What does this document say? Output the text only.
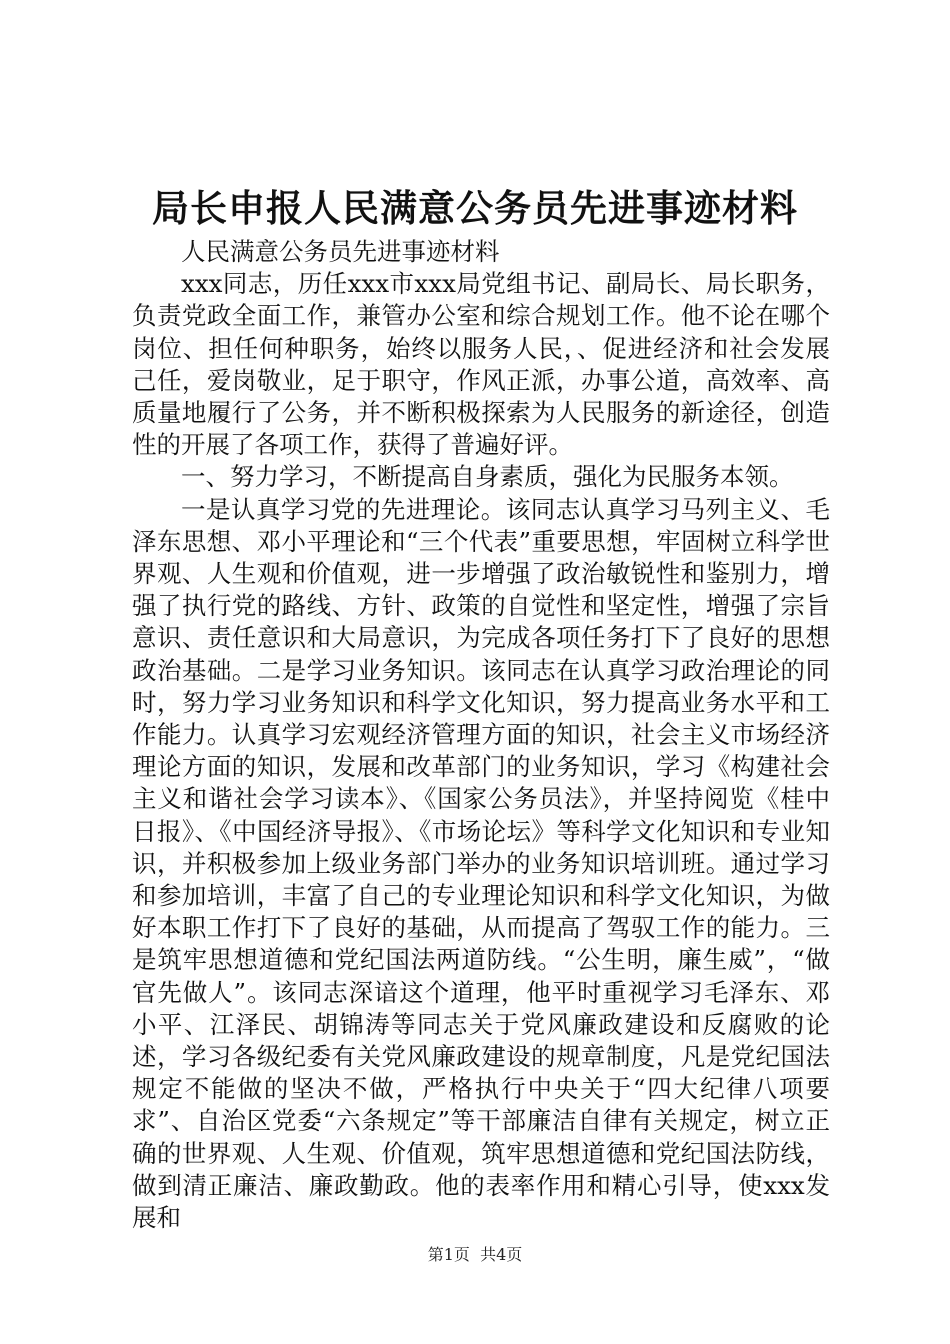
局长申报人民满意公务员先进事迹材料

人民满意公务员先进事迹材料

xxx同志，历任xxx市xxx局党组书记、副局长、局长职务，负责党政全面工作，兼管办公室和综合规划工作。他不论在哪个岗位、担任何种职务，始终以服务人民，、促进经济和社会发展己任，爱岗敬业，足于职守，作风正派，办事公道，高效率、高质量地履行了公务，并不断积极探索为人民服务的新途径，创造性的开展了各项工作，获得了普遍好评。

一、努力学习，不断提高自身素质，强化为民服务本领。

一是认真学习党的先进理论。该同志认真学习马列主义、毛泽东思想、邓小平理论和“三个代表”重要思想，牢固树立科学世界观、人生观和价值观，进一步增强了政治敏锐性和鉴别力，增强了执行党的路线、方针、政策的自觉性和坚定性，增强了宗旨意识、责任意识和大局意识，为完成各项任务打下了良好的思想政治基础。二是学习业务知识。该同志在认真学习政治理论的同时，努力学习业务知识和科学文化知识，努力提高业务水平和工作能力。认真学习宏观经济管理方面的知识，社会主义市场经济理论方面的知识，发展和改革部门的业务知识，学习《构建社会主义和谐社会学习读本》、《国家公务员法》，并坚持阅览《桂中日报》、《中国经济导报》、《市场论坛》等科学文化知识和专业知识，并积极参加上级业务部门举办的业务知识培训班。通过学习和参加培训，丰富了自己的专业理论知识和科学文化知识，为做好本职工作打下了良好的基础，从而提高了驾驭工作的能力。三是筑牢思想道德和党纪国法两道防线。“公生明，廉生威”，“做官先做人”。该同志深谙这个道理，他平时重视学习毛泽东、邓小平、江泽民、胡锦涛等同志关于党风廉政建设和反腐败的论述，学习各级纪委有关党风廉政建设的规章制度，凡是党纪国法规定不能做的坚决不做，严格执行中央关于“四大纪律八项要求”、自治区党委“六条规定”等干部廉洁自律有关规定，树立正确的世界观、人生观、价值观，筑牢思想道德和党纪国法防线，做到清正廉洁、廉政勤政。他的表率作用和精心引导，使xxx发展和

第1页  共4页
